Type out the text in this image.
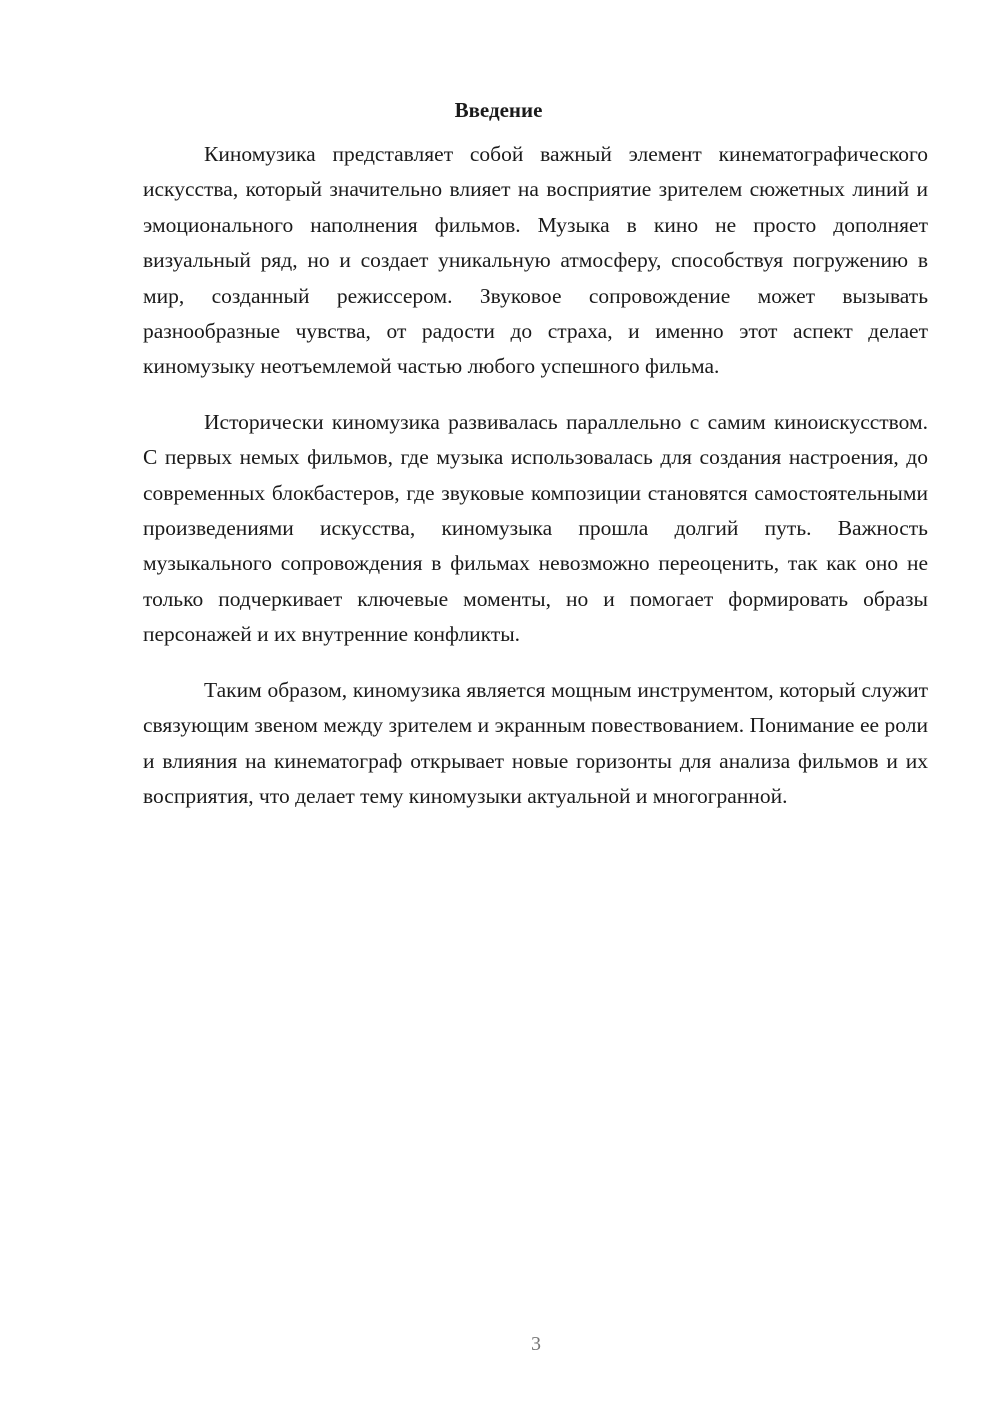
Введение

Киномузика представляет собой важный элемент кинематографического искусства, который значительно влияет на восприятие зрителем сюжетных линий и эмоционального наполнения фильмов. Музыка в кино не просто дополняет визуальный ряд, но и создает уникальную атмосферу, способствуя погружению в мир, созданный режиссером. Звуковое сопровождение может вызывать разнообразные чувства, от радости до страха, и именно этот аспект делает киномузыку неотъемлемой частью любого успешного фильма.

Исторически киномузика развивалась параллельно с самим киноискусством. С первых немых фильмов, где музыка использовалась для создания настроения, до современных блокбастеров, где звуковые композиции становятся самостоятельными произведениями искусства, киномузыка прошла долгий путь. Важность музыкального сопровождения в фильмах невозможно переоценить, так как оно не только подчеркивает ключевые моменты, но и помогает формировать образы персонажей и их внутренние конфликты.

Таким образом, киномузика является мощным инструментом, который служит связующим звеном между зрителем и экранным повествованием. Понимание ее роли и влияния на кинематограф открывает новые горизонты для анализа фильмов и их восприятия, что делает тему киномузыки актуальной и многогранной.

3
